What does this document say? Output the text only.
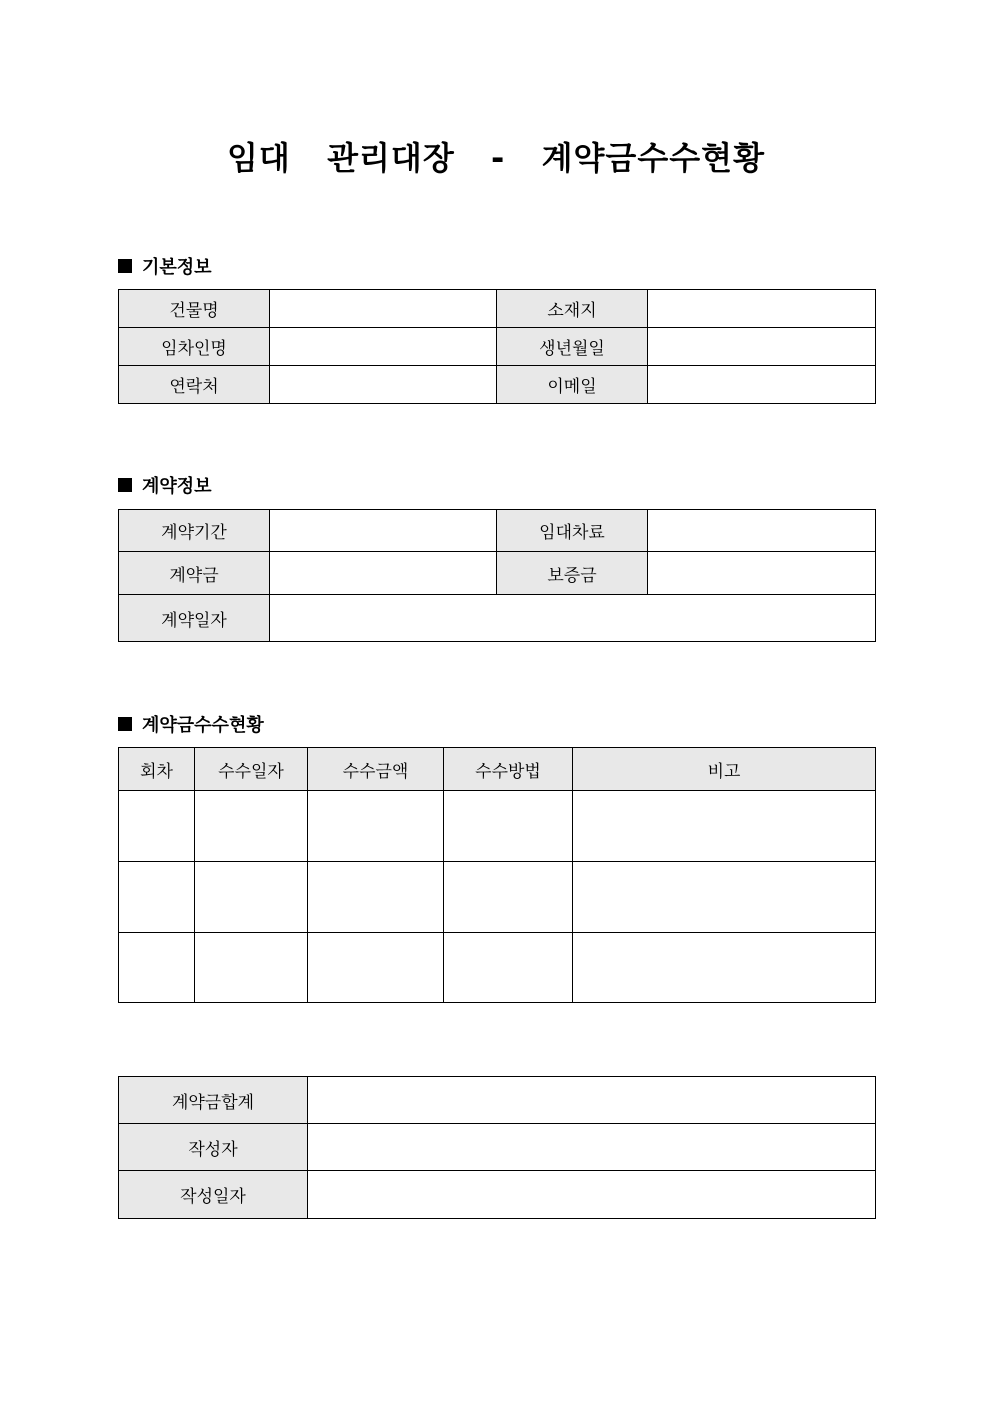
임대  관리대장  -  계약금수수현황
기본정보
건물명		소재지	
임차인명		생년월일	
연락처		이메일	
계약정보
계약기간		임대차료	
계약금		보증금	
계약일자			
계약금수수현황
회차	수수일자	수수금액	수수방법	비고

계약금합계	
작성자	
작성일자	
